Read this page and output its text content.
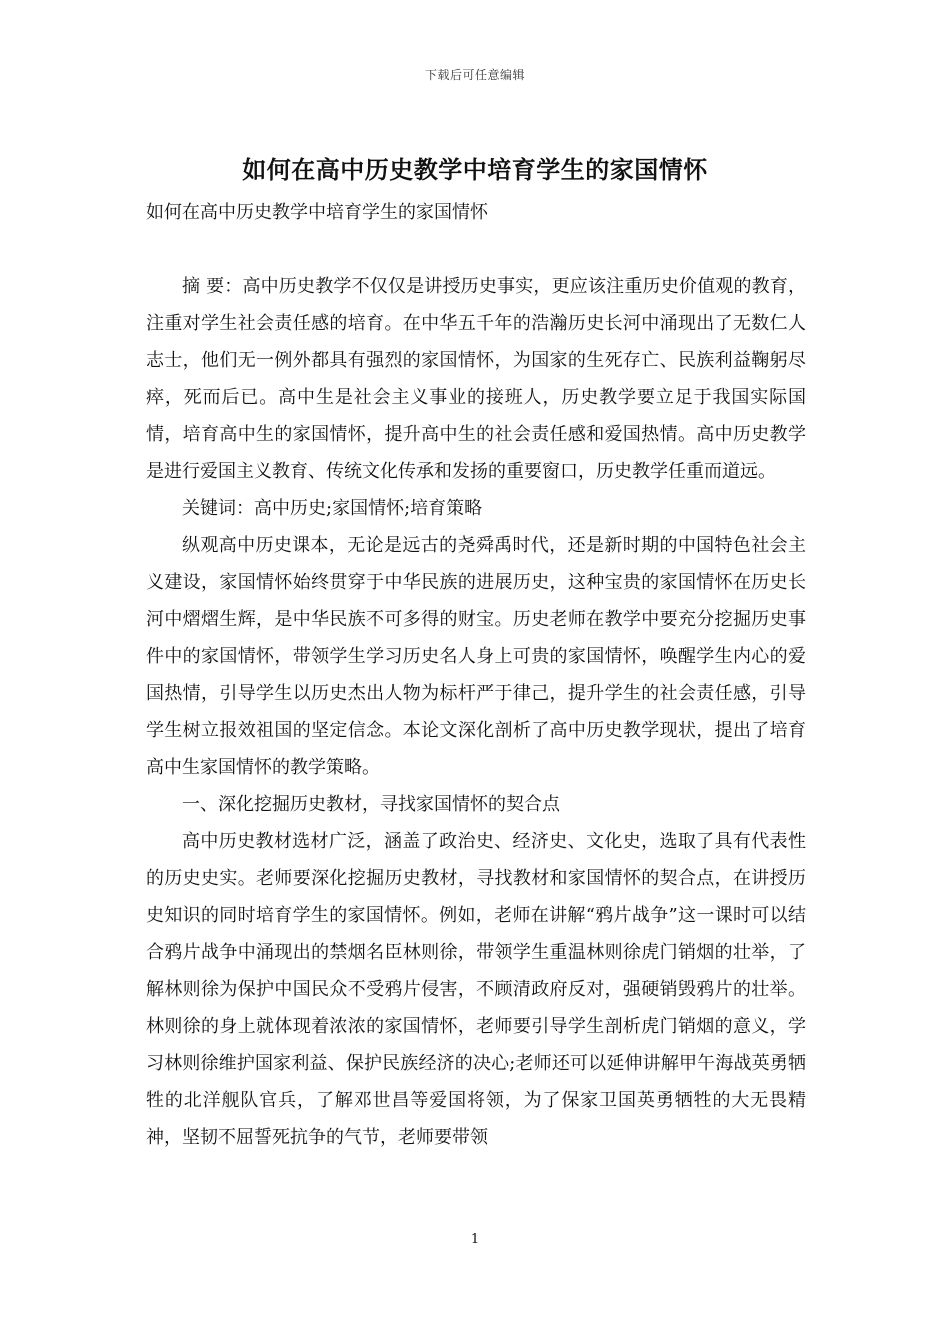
下载后可任意编辑
如何在高中历史教学中培育学生的家国情怀
如何在高中历史教学中培育学生的家国情怀

摘 要：高中历史教学不仅仅是讲授历史事实，更应该注重历史价值观的教育，注重对学生社会责任感的培育。在中华五千年的浩瀚历史长河中涌现出了无数仁人志士，他们无一例外都具有强烈的家国情怀，为国家的生死存亡、民族利益鞠躬尽瘁，死而后已。高中生是社会主义事业的接班人，历史教学要立足于我国实际国情，培育高中生的家国情怀，提升高中生的社会责任感和爱国热情。高中历史教学是进行爱国主义教育、传统文化传承和发扬的重要窗口，历史教学任重而道远。

关键词：高中历史;家国情怀;培育策略

纵观高中历史课本，无论是远古的尧舜禹时代，还是新时期的中国特色社会主义建设，家国情怀始终贯穿于中华民族的进展历史，这种宝贵的家国情怀在历史长河中熠熠生辉，是中华民族不可多得的财宝。历史老师在教学中要充分挖掘历史事件中的家国情怀，带领学生学习历史名人身上可贵的家国情怀，唤醒学生内心的爱国热情，引导学生以历史杰出人物为标杆严于律己，提升学生的社会责任感，引导学生树立报效祖国的坚定信念。本论文深化剖析了高中历史教学现状，提出了培育高中生家国情怀的教学策略。

一、深化挖掘历史教材，寻找家国情怀的契合点

高中历史教材选材广泛，涵盖了政治史、经济史、文化史，选取了具有代表性的历史史实。老师要深化挖掘历史教材，寻找教材和家国情怀的契合点，在讲授历史知识的同时培育学生的家国情怀。例如，老师在讲解“鸦片战争”这一课时可以结合鸦片战争中涌现出的禁烟名臣林则徐，带领学生重温林则徐虎门销烟的壮举，了解林则徐为保护中国民众不受鸦片侵害，不顾清政府反对，强硬销毁鸦片的壮举。林则徐的身上就体现着浓浓的家国情怀，老师要引导学生剖析虎门销烟的意义，学习林则徐维护国家利益、保护民族经济的决心;老师还可以延伸讲解甲午海战英勇牺牲的北洋舰队官兵，了解邓世昌等爱国将领，为了保家卫国英勇牺牲的大无畏精神，坚韧不屈誓死抗争的气节，老师要带领

1
